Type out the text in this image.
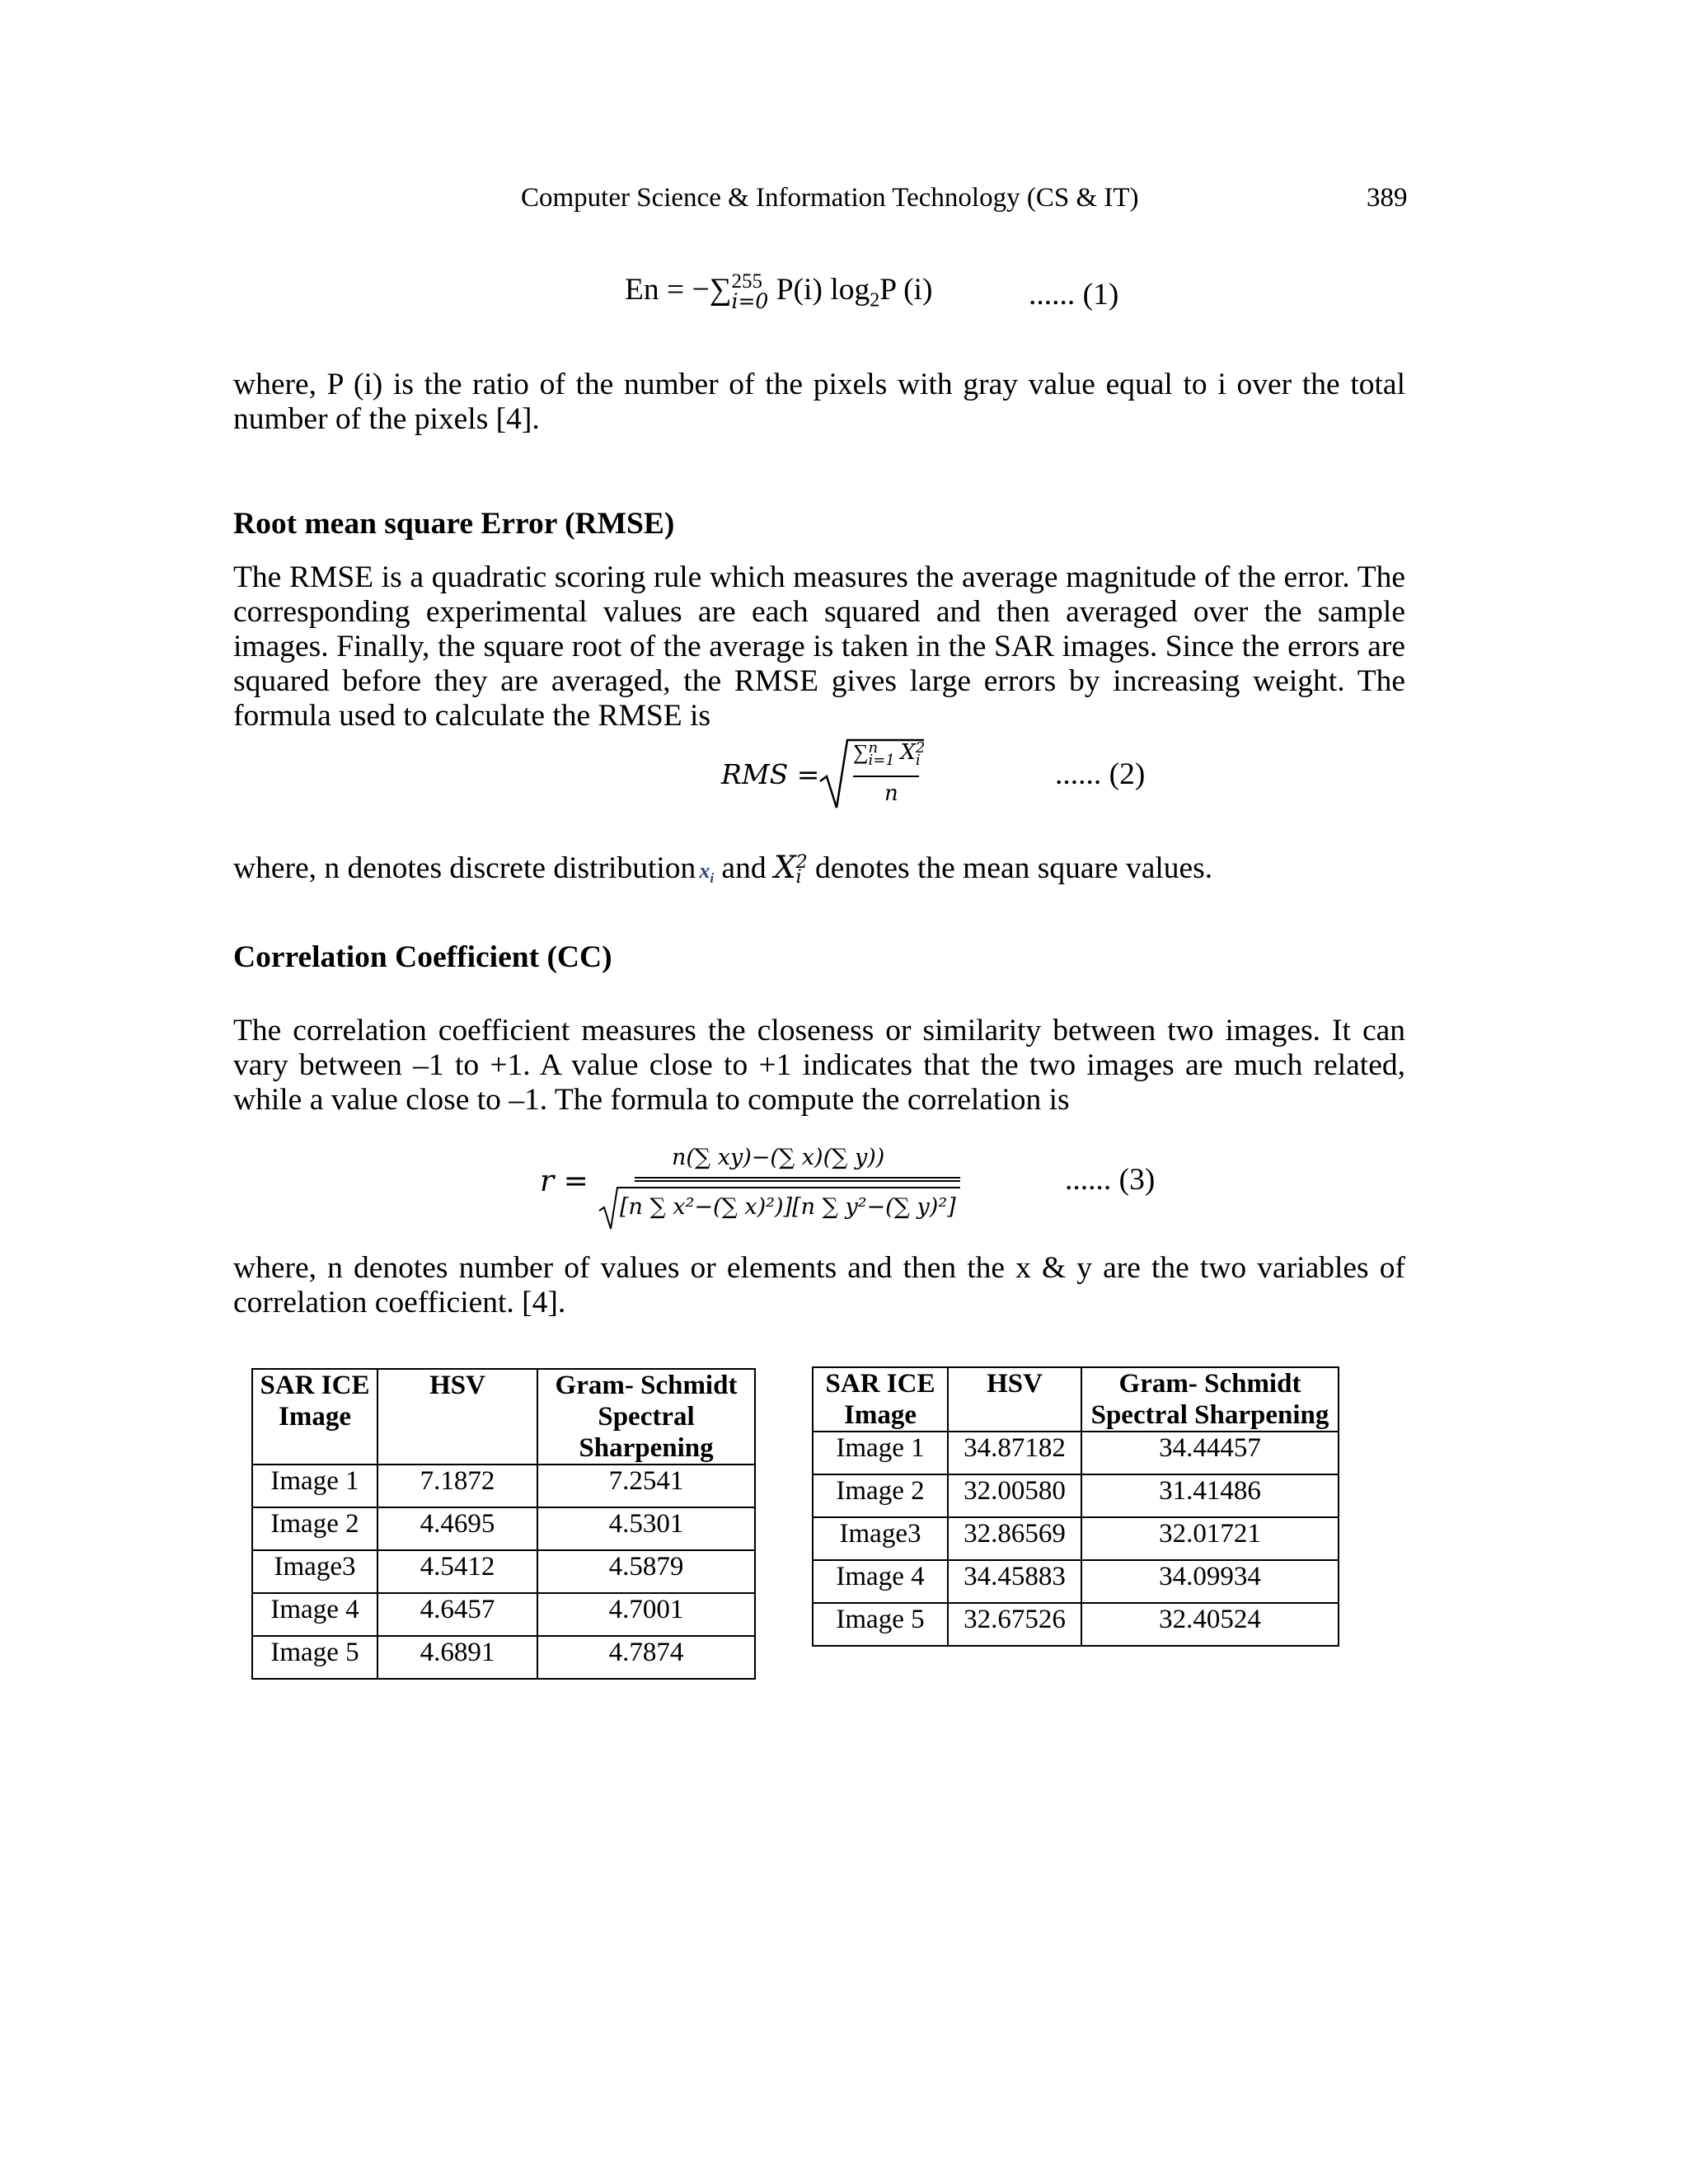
Computer Science & Information Technology (CS & IT)	389
En = −∑ 255
i=0 P(i) $\log_2P$ (i)	...... (1)
where, P (i) is the ratio of the number of the pixels with gray value equal to i over the total number of the pixels [4].
Root mean square Error (RMSE)
The RMSE is a quadratic scoring rule which measures the average magnitude of the error. The corresponding experimental values are each squared and then averaged over the sample images. Finally, the square root of the average is taken in the SAR images. Since the errors are squared before they are averaged, the RMSE gives large errors by increasing weight. The formula used to calculate the RMSE is
RMS =
∑ n
i=1 X 2
i
n
...... (2)
where, n denotes discrete distribution $x_i$ and X 2
i denotes the mean square values.
Correlation Coefficient (CC)
The correlation coefficient measures the closeness or similarity between two images. It can vary between –1 to +1. A value close to +1 indicates that the two images are much related, while a value close to –1. The formula to compute the correlation is
r =
n(∑ xy)−(∑ x)(∑ y))
[n ∑ x²−(∑ x)²)][n ∑ y²−(∑ y)²]
...... (3)
where, n denotes number of values or elements and then the x & y are the two variables of correlation coefficient. [4].
SAR ICE Image	HSV	Gram- Schmidt Spectral Sharpening
Image 1	7.1872	7.2541
Image 2	4.4695	4.5301
Image3	4.5412	4.5879
Image 4	4.6457	4.7001
Image 5	4.6891	4.7874
SAR ICE Image	HSV	Gram- Schmidt Spectral Sharpening
Image 1	34.87182	34.44457
Image 2	32.00580	31.41486
Image3	32.86569	32.01721
Image 4	34.45883	34.09934
Image 5	32.67526	32.40524
